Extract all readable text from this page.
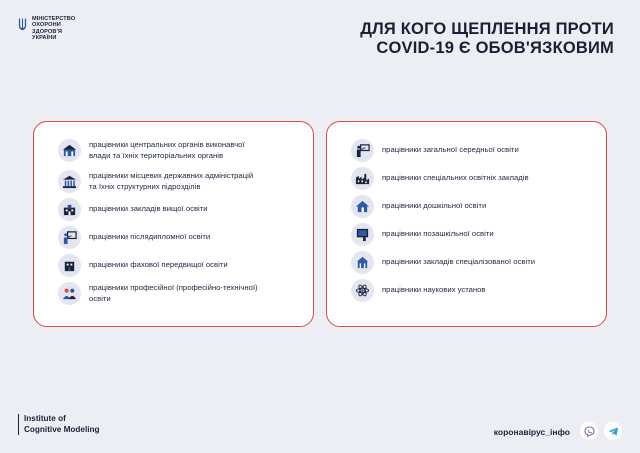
МІНІСТЕРСТВО
ОХОРОНИ
ЗДОРОВ'Я
УКРАЇНИ	ДЛЯ КОГО ЩЕПЛЕННЯ ПРОТИ
COVID-19 Є ОБОВ'ЯЗКОВИМ
працівники центральних органів виконавчої
влади та їхніх територіальних органів
працівники місцевих державних адміністрацій
та їхніх структурних підрозділів
працівники закладів вищої освіти
працівники післядипломної освіти
працівники фахової передвищої освіти
працівники професійної (професійно-технічної)
освіти
працівники загальної середньої освіти
працівники спеціальних освітніх закладів
працівники дошкільної освіти
працівники позашкільної освіти
працівники закладів спеціалізованої освіти
працівники наукових установ
Institute of
Cognitive Modeling	коронавірус_інфо
